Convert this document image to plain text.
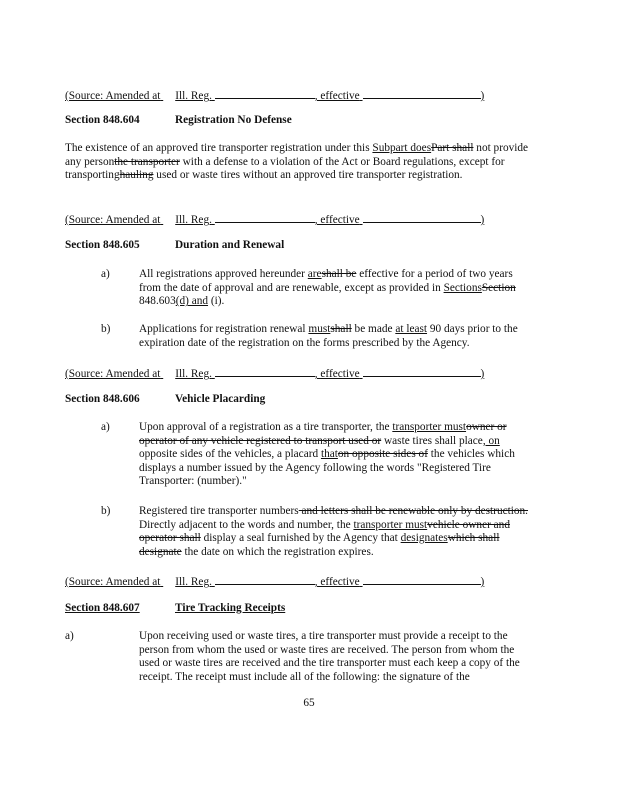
(Source: Amended at Ill. Reg.	, effective	)
Section 848.604	Registration No Defense
The existence of an approved tire transporter registration under this Subpart doesPart shall not provide any personthe transporter with a defense to a violation of the Act or Board regulations, except for transportinghauling used or waste tires without an approved tire transporter registration.
(Source: Amended at Ill. Reg.	, effective	)
Section 848.605	Duration and Renewal
a)	All registrations approved hereunder areshall be effective for a period of two years from the date of approval and are renewable, except as provided in SectionsSection 848.603(d) and (i).
b)	Applications for registration renewal mustshall be made at least 90 days prior to the expiration date of the registration on the forms prescribed by the Agency.
(Source: Amended at Ill. Reg.	, effective	)
Section 848.606	Vehicle Placarding
a)	Upon approval of a registration as a tire transporter, the transporter mustowner or operator of any vehicle registered to transport used or waste tires shall place, on opposite sides of the vehicles, a placard thaton opposite sides of the vehicles which displays a number issued by the Agency following the words "Registered Tire Transporter: (number)."
b)	Registered tire transporter numbers and letters shall be renewable only by destruction. Directly adjacent to the words and number, the transporter mustvehicle owner and operator shall display a seal furnished by the Agency that designateswhich shall designate the date on which the registration expires.
(Source: Amended at Ill. Reg.	, effective	)
Section 848.607	Tire Tracking Receipts
a)	Upon receiving used or waste tires, a tire transporter must provide a receipt to the person from whom the used or waste tires are received. The person from whom the used or waste tires are received and the tire transporter must each keep a copy of the receipt. The receipt must include all of the following: the signature of the
65
